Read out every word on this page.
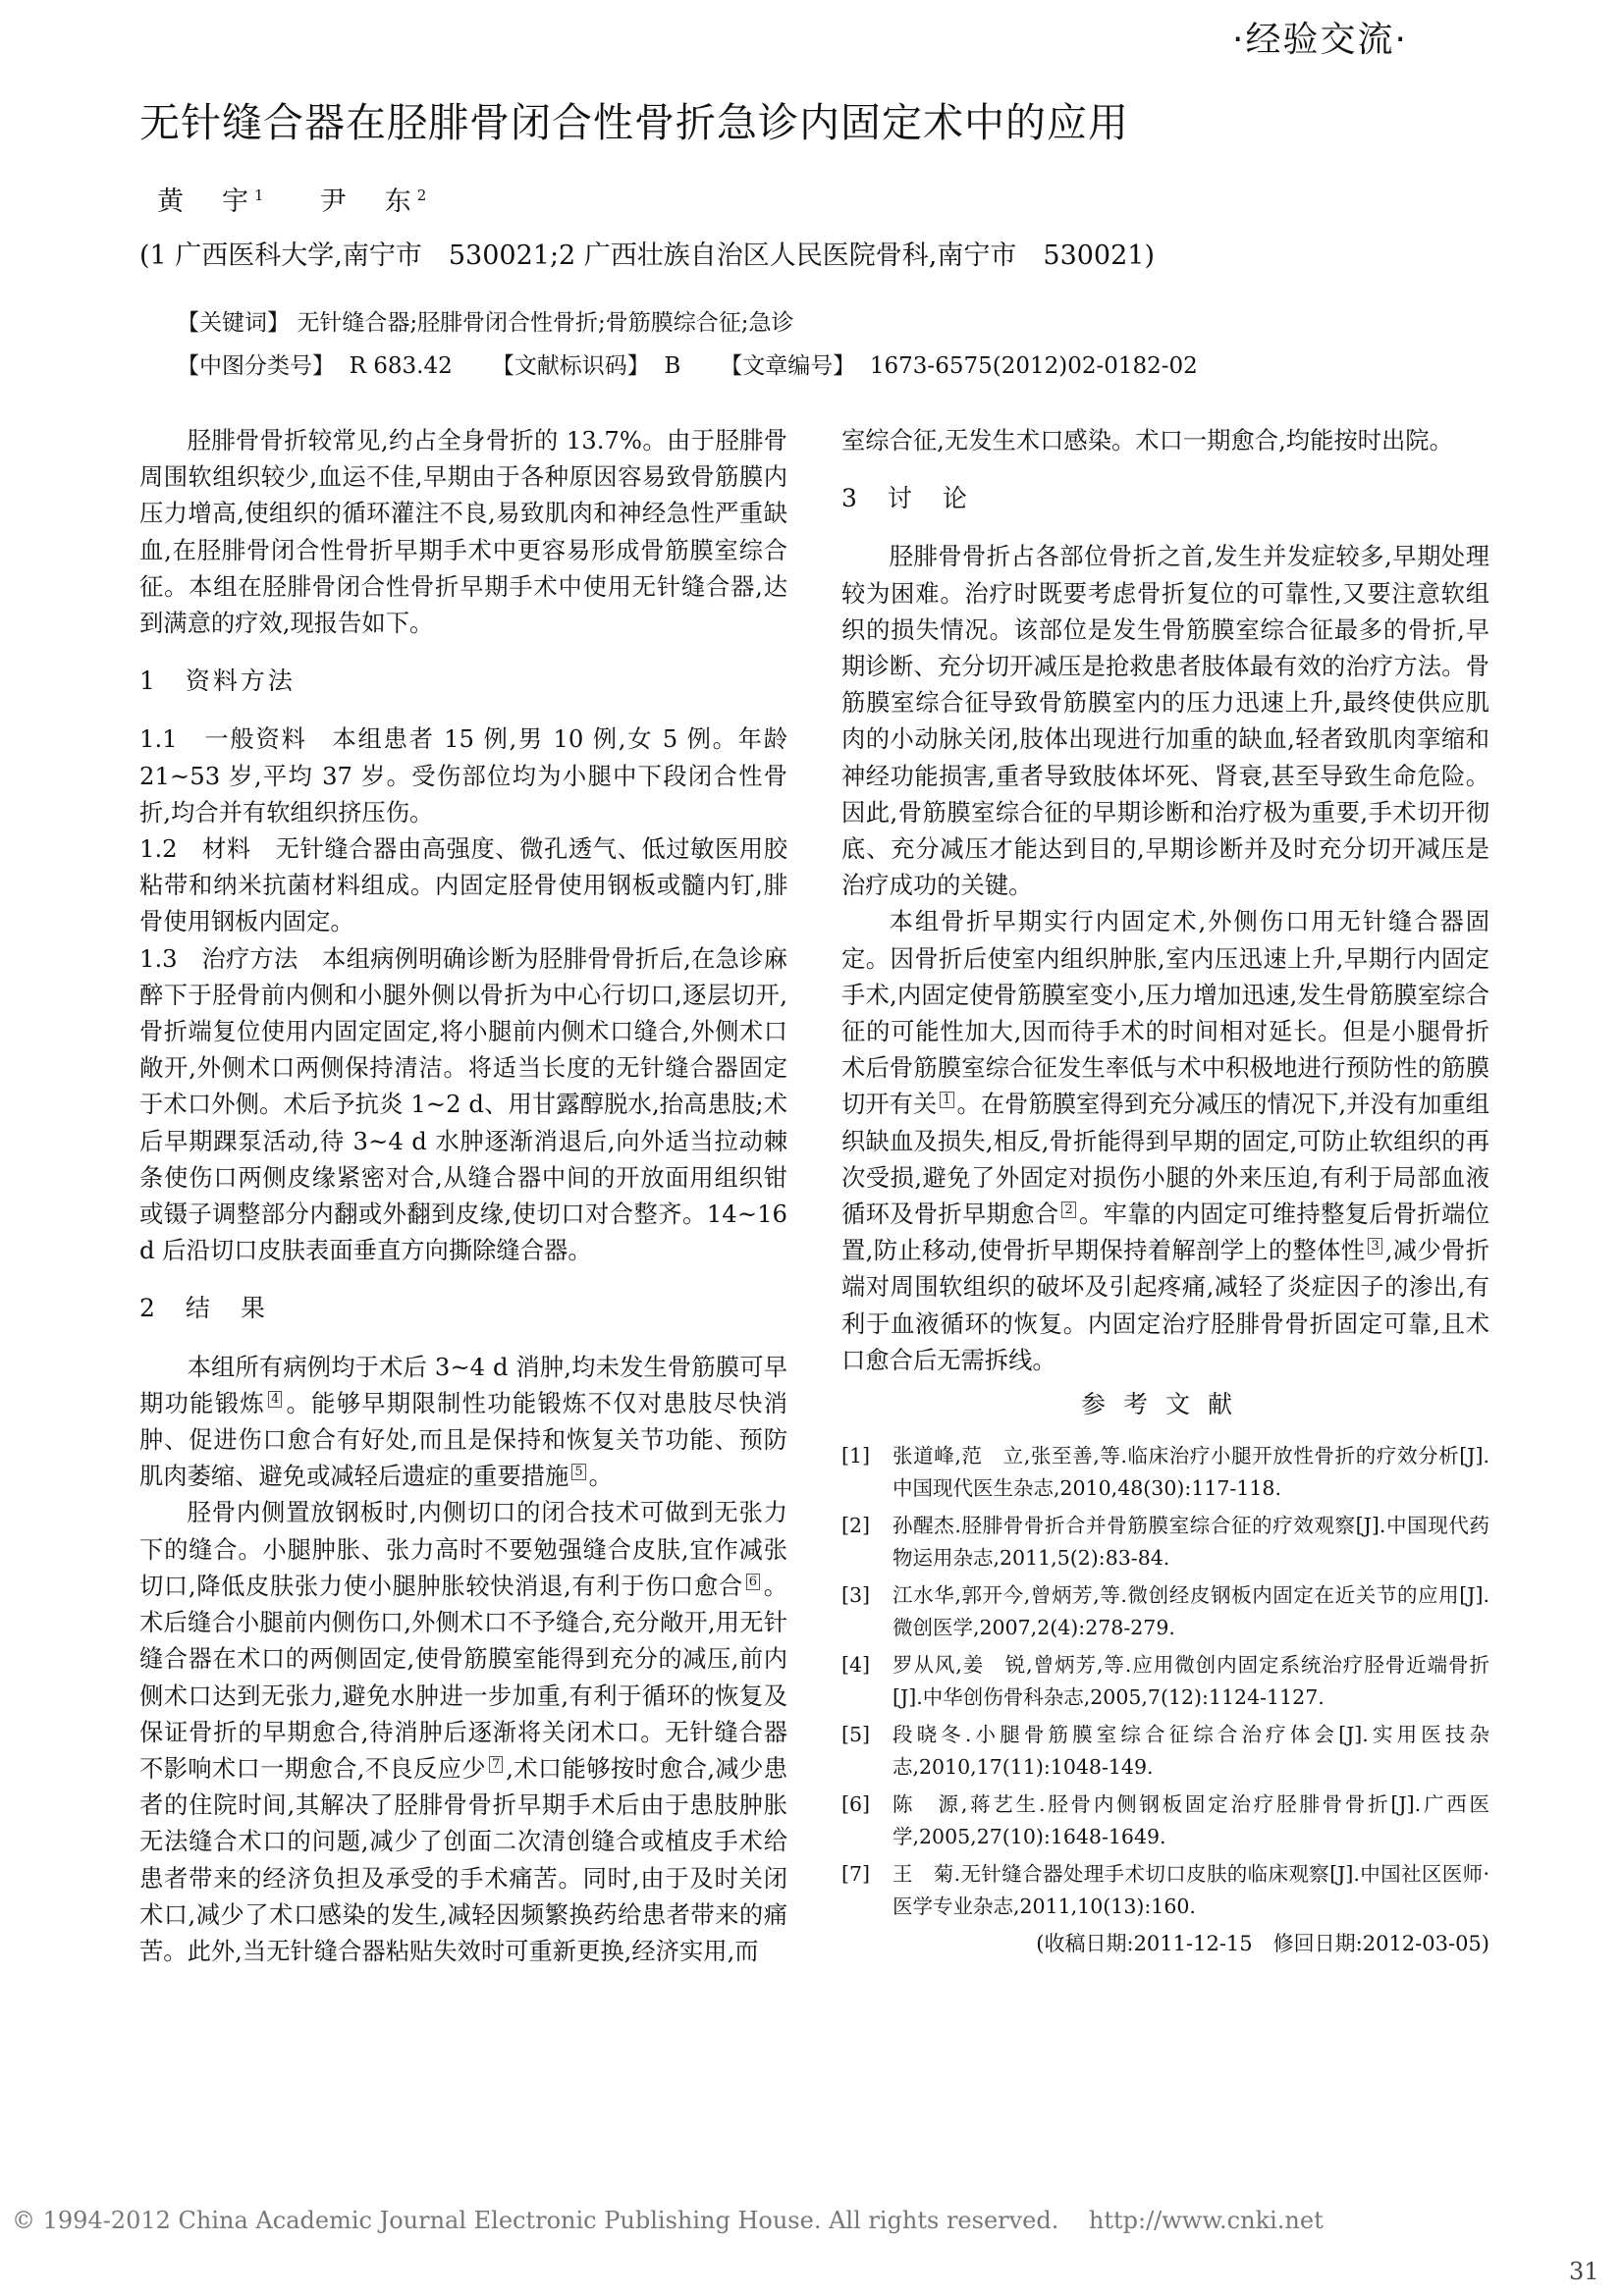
·经验交流·
无针缝合器在胫腓骨闭合性骨折急诊内固定术中的应用
黄　宇$^1$ 尹　东$^2$
(1 广西医科大学,南宁市　530021;2 广西壮族自治区人民医院骨科,南宁市　530021)
【关键词】 无针缝合器;胫腓骨闭合性骨折;骨筋膜综合征;急诊
【中图分类号】 R 683.42 【文献标识码】 B 【文章编号】 1673-6575(2012)02-0182-02

胫腓骨骨折较常见,约占全身骨折的 13.7%。由于胫腓骨周围软组织较少,血运不佳,早期由于各种原因容易致骨筋膜内压力增高,使组织的循环灌注不良,易致肌肉和神经急性严重缺血,在胫腓骨闭合性骨折早期手术中更容易形成骨筋膜室综合征。本组在胫腓骨闭合性骨折早期手术中使用无针缝合器,达到满意的疗效,现报告如下。

1　资料方法

1.1　一般资料　本组患者 15 例,男 10 例,女 5 例。年龄 21~53 岁,平均 37 岁。受伤部位均为小腿中下段闭合性骨折,均合并有软组织挤压伤。

1.2　材料　无针缝合器由高强度、微孔透气、低过敏医用胶粘带和纳米抗菌材料组成。内固定胫骨使用钢板或髓内钉,腓骨使用钢板内固定。

1.3　治疗方法　本组病例明确诊断为胫腓骨骨折后,在急诊麻醉下于胫骨前内侧和小腿外侧以骨折为中心行切口,逐层切开,骨折端复位使用内固定固定,将小腿前内侧术口缝合,外侧术口敞开,外侧术口两侧保持清洁。将适当长度的无针缝合器固定于术口外侧。术后予抗炎 1~2 d、用甘露醇脱水,抬高患肢;术后早期踝泵活动,待 3~4 d 水肿逐渐消退后,向外适当拉动棘条使伤口两侧皮缘紧密对合,从缝合器中间的开放面用组织钳或镊子调整部分内翻或外翻到皮缘,使切口对合整齐。14~16 d 后沿切口皮肤表面垂直方向撕除缝合器。

2　结　果

本组所有病例均于术后 3~4 d 消肿,均未发生骨筋膜可早期功能锻炼 $^4$ 。能够早期限制性功能锻炼不仅对患肢尽快消肿、促进伤口愈合有好处,而且是保持和恢复关节功能、预防肌肉萎缩、避免或减轻后遗症的重要措施 $^5$ 。

胫骨内侧置放钢板时,内侧切口的闭合技术可做到无张力下的缝合。小腿肿胀、张力高时不要勉强缝合皮肤,宜作减张切口,降低皮肤张力使小腿肿胀较快消退,有利于伤口愈合 $^6$ 。术后缝合小腿前内侧伤口,外侧术口不予缝合,充分敞开,用无针缝合器在术口的两侧固定,使骨筋膜室能得到充分的减压,前内侧术口达到无张力,避免水肿进一步加重,有利于循环的恢复及保证骨折的早期愈合,待消肿后逐渐将关闭术口。无针缝合器不影响术口一期愈合,不良反应少 $^7$ ,术口能够按时愈合,减少患者的住院时间,其解决了胫腓骨骨折早期手术后由于患肢肿胀无法缝合术口的问题,减少了创面二次清创缝合或植皮手术给患者带来的经济负担及承受的手术痛苦。同时,由于及时关闭术口,减少了术口感染的发生,减轻因频繁换药给患者带来的痛苦。此外,当无针缝合器粘贴失效时可重新更换,经济实用,而

室综合征,无发生术口感染。术口一期愈合,均能按时出院。

3　讨　论

胫腓骨骨折占各部位骨折之首,发生并发症较多,早期处理较为困难。治疗时既要考虑骨折复位的可靠性,又要注意软组织的损失情况。该部位是发生骨筋膜室综合征最多的骨折,早期诊断、充分切开减压是抢救患者肢体最有效的治疗方法。骨筋膜室综合征导致骨筋膜室内的压力迅速上升,最终使供应肌肉的小动脉关闭,肢体出现进行加重的缺血,轻者致肌肉挛缩和神经功能损害,重者导致肢体坏死、肾衰,甚至导致生命危险。因此,骨筋膜室综合征的早期诊断和治疗极为重要,手术切开彻底、充分减压才能达到目的,早期诊断并及时充分切开减压是治疗成功的关键。

本组骨折早期实行内固定术,外侧伤口用无针缝合器固定。因骨折后使室内组织肿胀,室内压迅速上升,早期行内固定手术,内固定使骨筋膜室变小,压力增加迅速,发生骨筋膜室综合征的可能性加大,因而待手术的时间相对延长。但是小腿骨折术后骨筋膜室综合征发生率低与术中积极地进行预防性的筋膜切开有关 $^1$ 。在骨筋膜室得到充分减压的情况下,并没有加重组织缺血及损失,相反,骨折能得到早期的固定,可防止软组织的再次受损,避免了外固定对损伤小腿的外来压迫,有利于局部血液循环及骨折早期愈合 $^2$ 。牢靠的内固定可维持整复后骨折端位置,防止移动,使骨折早期保持着解剖学上的整体性 $^3$ ,减少骨折端对周围软组织的破坏及引起疼痛,减轻了炎症因子的渗出,有利于血液循环的恢复。内固定治疗胫腓骨骨折固定可靠,且术口愈合后无需拆线。

参考文献

[1]	张道峰,范　立,张至善,等.临床治疗小腿开放性骨折的疗效分析[J].中国现代医生杂志,2010,48(30):117-118.

[2]	孙醒杰.胫腓骨骨折合并骨筋膜室综合征的疗效观察[J].中国现代药物运用杂志,2011,5(2):83-84.

[3]	江水华,郭开今,曾炳芳,等.微创经皮钢板内固定在近关节的应用[J].微创医学,2007,2(4):278-279.

[4]	罗从风,姜　锐,曾炳芳,等.应用微创内固定系统治疗胫骨近端骨折[J].中华创伤骨科杂志,2005,7(12):1124-1127.

[5]	段晓冬.小腿骨筋膜室综合征综合治疗体会[J].实用医技杂志,2010,17(11):1048-149.

[6]	陈　源,蒋艺生.胫骨内侧钢板固定治疗胫腓骨骨折[J].广西医学,2005,27(10):1648-1649.

[7]	王　菊.无针缝合器处理手术切口皮肤的临床观察[J].中国社区医师·医学专业杂志,2011,10(13):160.

(收稿日期:2011-12-15　修回日期:2012-03-05)

© 1994-2012 China Academic Journal Electronic Publishing House. All rights reserved.    http://www.cnki.net
31
